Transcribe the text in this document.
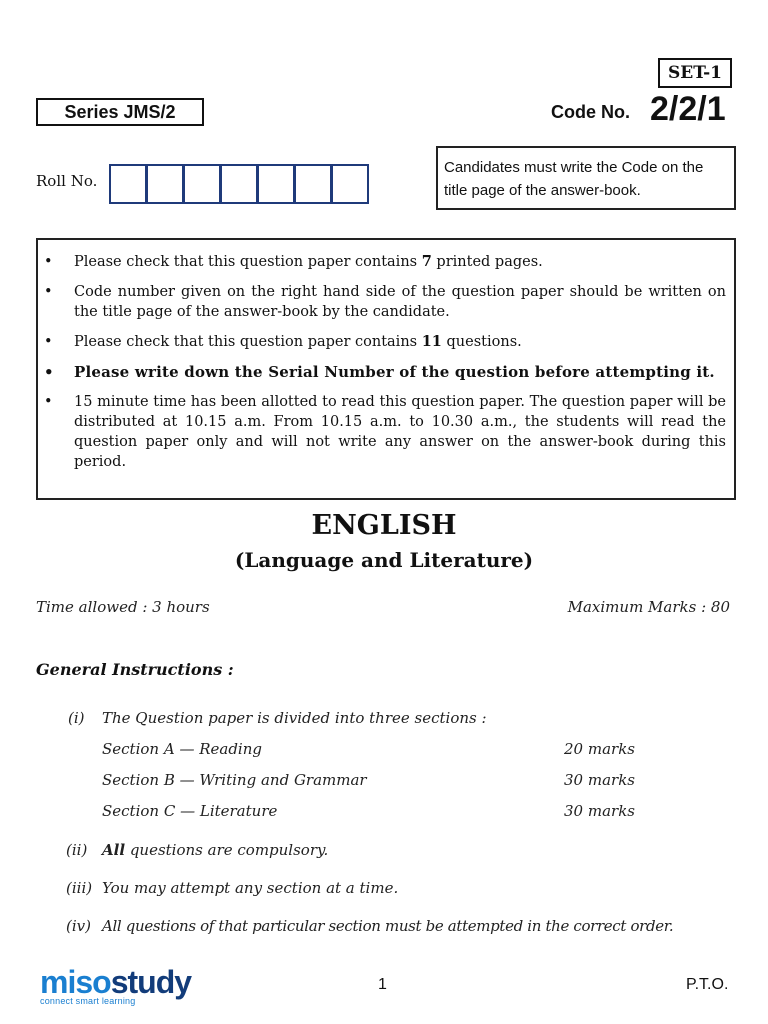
SET-1
Series JMS/2	Code No. 2/2/1
Roll No.
Candidates must write the Code on the
title page of the answer-book.
• Please check that this question paper contains 7 printed pages.
• Code number given on the right hand side of the question paper should be written on the title page of the answer-book by the candidate.
• Please check that this question paper contains 11 questions.
• Please write down the Serial Number of the question before attempting it.
• 15 minute time has been allotted to read this question paper. The question paper will be distributed at 10.15 a.m. From 10.15 a.m. to 10.30 a.m., the students will read the question paper only and will not write any answer on the answer-book during this period.
ENGLISH
(Language and Literature)
Time allowed : 3 hours	Maximum Marks : 80
General Instructions :
(i) The Question paper is divided into three sections :
Section A — Reading	20 marks
Section B — Writing and Grammar	30 marks
Section C — Literature	30 marks
(ii) All questions are compulsory.
(iii) You may attempt any section at a time.
(iv) All questions of that particular section must be attempted in the correct order.
misostudy
connect smart learning
1	P.T.O.
